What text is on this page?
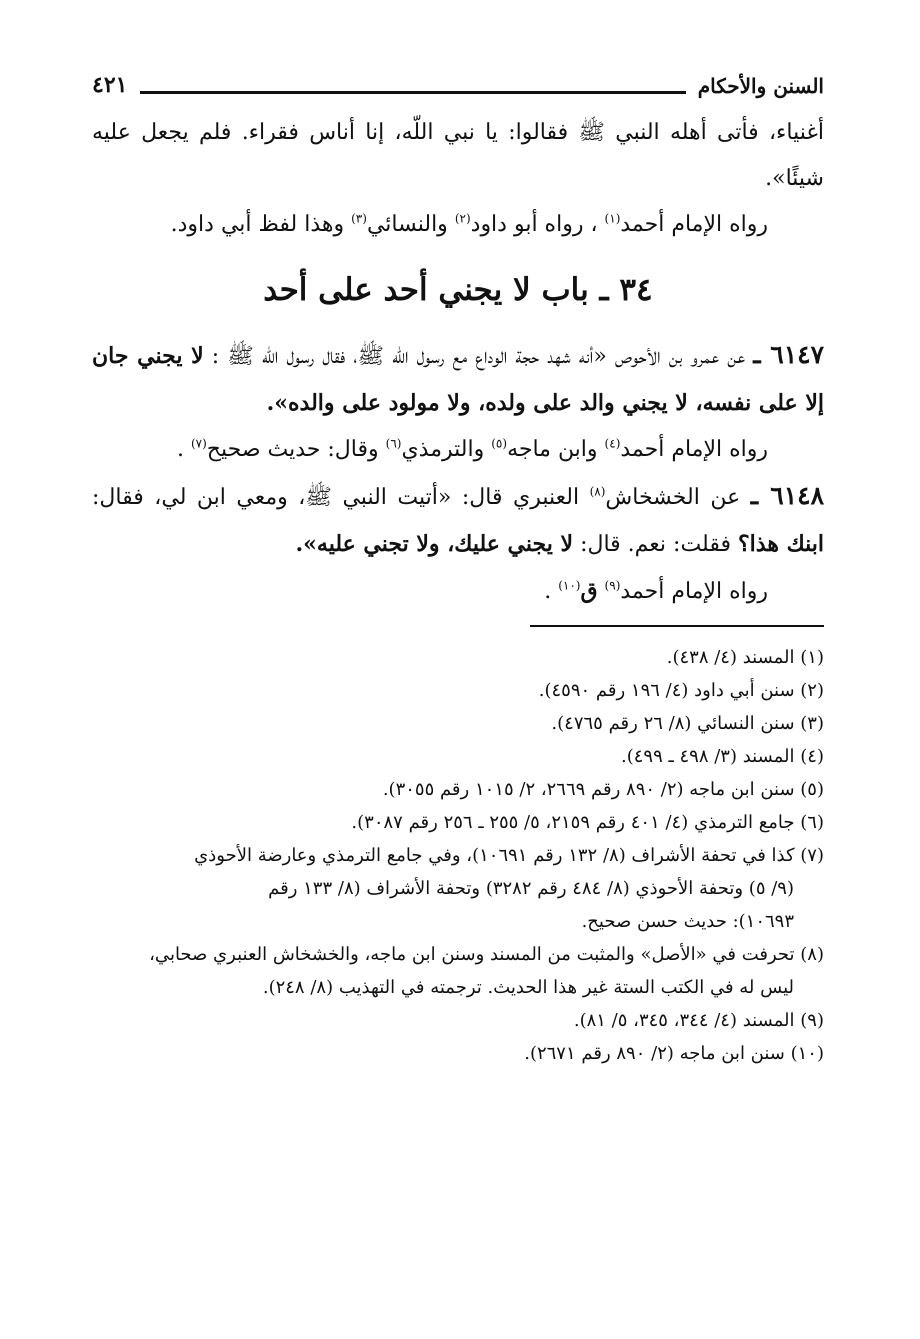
السنن والأحكام
٤٢١

أغنياء، فأتى أهله النبي ﷺ فقالوا: يا نبي اللّه، إنا أناس فقراء. فلم يجعل عليه شيئًا».

رواه الإمام أحمد$^{(١)}$ ، رواه أبو داود$^{(٢)}$ والنسائي$^{(٣)}$ وهذا لفظ أبي داود.

٣٤ ـ باب لا يجني أحد على أحد

٦١٤٧ ـ عن عمرو بن الأحوص «أنه شهد حجة الوداع مع رسول اللّه ﷺ، فقال رسول اللّه ﷺ : لا يجني جان إلا على نفسه، لا يجني والد على ولده، ولا مولود على والده».

رواه الإمام أحمد$^{(٤)}$ وابن ماجه$^{(٥)}$ والترمذي$^{(٦)}$ وقال: حديث صحيح$^{(٧)}$ .

٦١٤٨ ـ عن الخشخاش$^{(٨)}$ العنبري قال: «أتيت النبي ﷺ، ومعي ابن لي، فقال: ابنك هذا؟ فقلت: نعم. قال: لا يجني عليك، ولا تجني عليه».

رواه الإمام أحمد$^{(٩)}$ ق$^{(١٠)}$ .

(١) المسند (٤/ ٤٣٨).

(٢) سنن أبي داود (٤/ ١٩٦ رقم ٤٥٩٠).

(٣) سنن النسائي (٨/ ٢٦ رقم ٤٧٦٥).

(٤) المسند (٣/ ٤٩٨ ـ ٤٩٩).

(٥) سنن ابن ماجه (٢/ ٨٩٠ رقم ٢٦٦٩، ٢/ ١٠١٥ رقم ٣٠٥٥).

(٦) جامع الترمذي (٤/ ٤٠١ رقم ٢١٥٩، ٥/ ٢٥٥ ـ ٢٥٦ رقم ٣٠٨٧).

(٧) كذا في تحفة الأشراف (٨/ ١٣٢ رقم ١٠٦٩١)، وفي جامع الترمذي وعارضة الأحوذي
(٩/ ٥) وتحفة الأحوذي (٨/ ٤٨٤ رقم ٣٢٨٢) وتحفة الأشراف (٨/ ١٣٣ رقم
١٠٦٩٣): حديث حسن صحيح.
(٨) تحرفت في «الأصل» والمثبت من المسند وسنن ابن ماجه، والخشخاش العنبري صحابي،
ليس له في الكتب الستة غير هذا الحديث. ترجمته في التهذيب (٨/ ٢٤٨).

(٩) المسند (٤/ ٣٤٤، ٣٤٥، ٥/ ٨١).

(١٠) سنن ابن ماجه (٢/ ٨٩٠ رقم ٢٦٧١).
